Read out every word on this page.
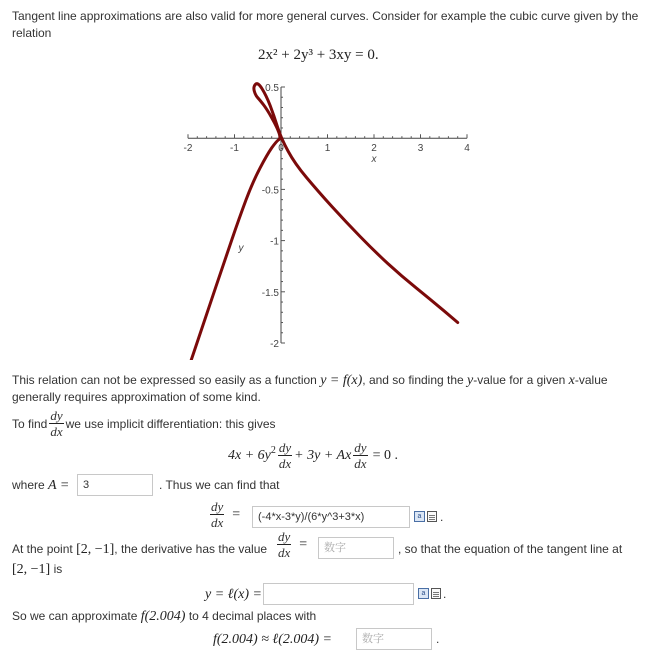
Tangent line approximations are also valid for more general curves. Consider for example the cubic curve given by the
relation
2x² + 2y³ + 3xy = 0.
-2	-1	0	1	2	3	4
0.5
-0.5
-1
-1.5
-2
x
y
This relation can not be expressed so easily as a function y = f(x), and so finding the y-value for a given x-value
generally requires approximation of some kind.
To find $\frac{dy}{dx}$ we use implicit differentiation: this gives
$4x + 6y^2 \frac{dy}{dx} + 3y + Ax \frac{dy}{dx} = 0$ .
where A =	3	. Thus we can find that
$\frac{dy}{dx}$ =	(-4*x-3*y)/(6*y^3+3*x)	a .
At the point [2, −1], the derivative has the value $\frac{dy}{dx}$ =	数字	, so that the equation of the tangent line at
[2, −1] is
y = ℓ(x) =	a .
So we can approximate f(2.004) to 4 decimal places with
f(2.004) ≈ ℓ(2.004) =	数字	.
